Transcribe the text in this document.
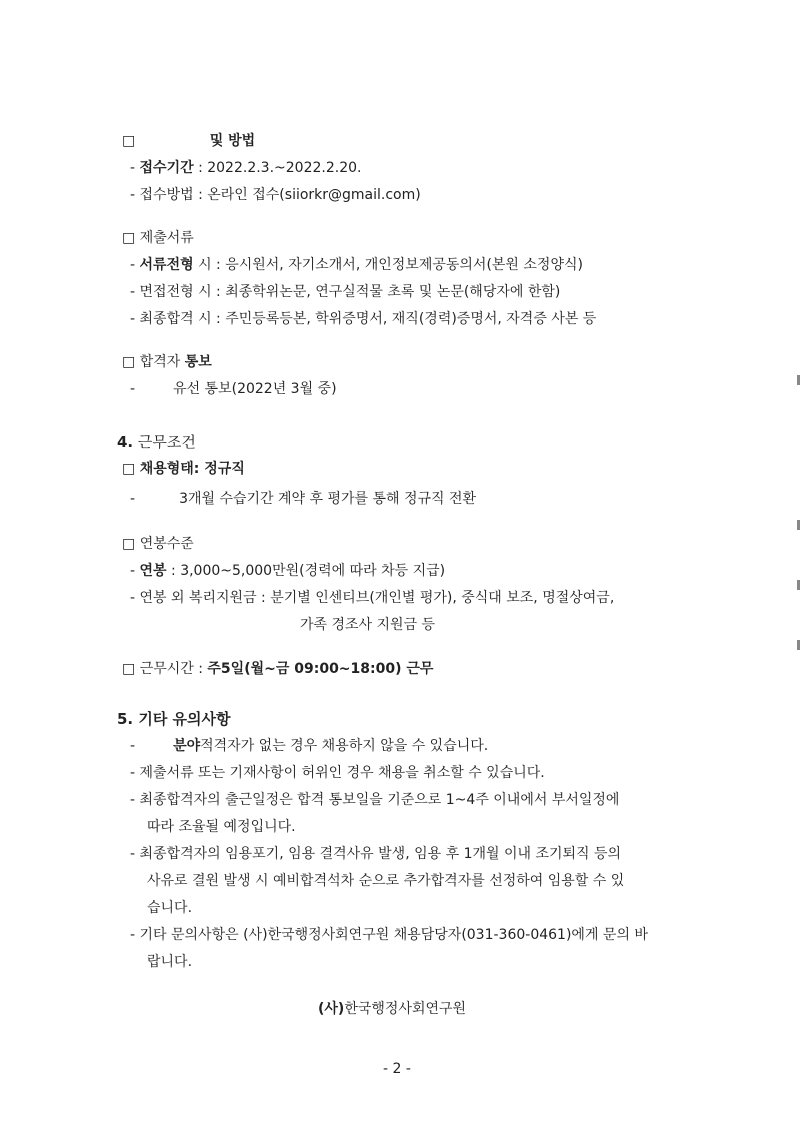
□	및 방법
- 접수기간 : 2022.2.3.~2022.2.20.
- 접수방법 : 온라인 접수(siiorkr@gmail.com)
□ 제출서류
- 서류전형 시 : 응시원서, 자기소개서, 개인정보제공동의서(본원 소정양식)
- 면접전형 시 : 최종학위논문, 연구실적물 초록 및 논문(해당자에 한함)
- 최종합격 시 : 주민등록등본, 학위증명서, 재직(경력)증명서, 자격증 사본 등
□ 합격자 통보
-	유선 통보(2022년 3월 중)
4. 근무조건
□ 채용형태: 정규직
-	3개월 수습기간 계약 후 평가를 통해 정규직 전환
□ 연봉수준
- 연봉 : 3,000~5,000만원(경력에 따라 차등 지급)
- 연봉 외 복리지원금 : 분기별 인센티브(개인별 평가), 중식대 보조, 명절상여금,
가족 경조사 지원금 등
□ 근무시간 : 주5일(월~금 09:00~18:00) 근무
5. 기타 유의사항
-	분야적격자가 없는 경우 채용하지 않을 수 있습니다.
- 제출서류 또는 기재사항이 허위인 경우 채용을 취소할 수 있습니다.
- 최종합격자의 출근일정은 합격 통보일을 기준으로 1~4주 이내에서 부서일정에
따라 조율될 예정입니다.
- 최종합격자의 임용포기, 임용 결격사유 발생, 임용 후 1개월 이내 조기퇴직 등의
사유로 결원 발생 시 예비합격석차 순으로 추가합격자를 선정하여 임용할 수 있
습니다.
- 기타 문의사항은 (사)한국행정사회연구원 채용담당자(031-360-0461)에게 문의 바
랍니다.
(사)한국행정사회연구원
- 2 -
